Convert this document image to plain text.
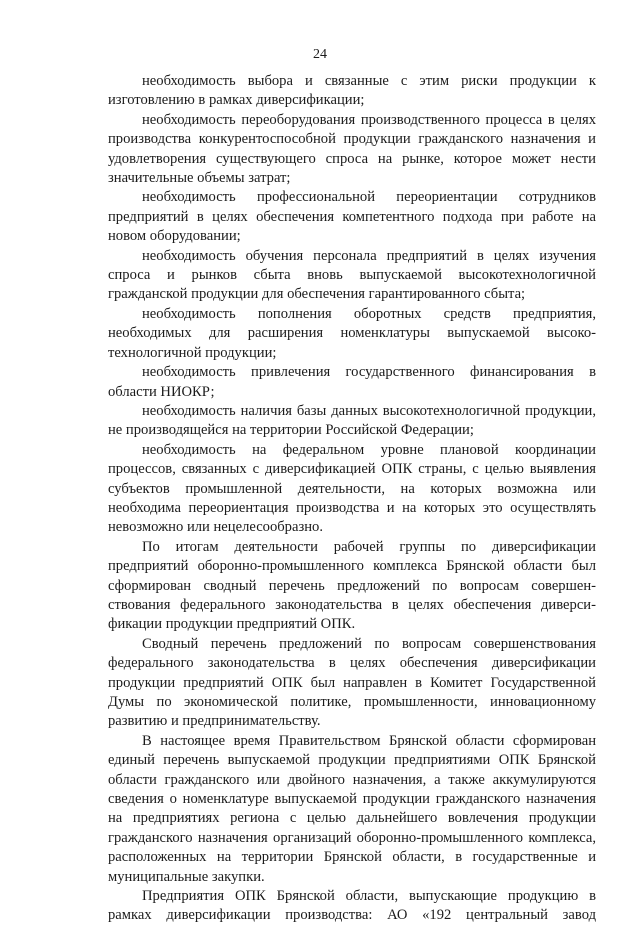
24

необходимость выбора и связанные с этим риски продукции к изготовлению в рамках диверсификации;

необходимость переоборудования производственного процесса в целях производства конкурентоспособной продукции гражданского назначения и удовлетворения существующего спроса на рынке, которое может нести значительные объемы затрат;

необходимость профессиональной переориентации сотрудников предприятий в целях обеспечения компетентного подхода при работе на новом оборудовании;

необходимость обучения персонала предприятий в целях изучения спроса и рынков сбыта вновь выпускаемой высокотехнологичной гражданской продукции для обеспечения гарантированного сбыта;

необходимость пополнения оборотных средств предприятия, необходимых для расширения номенклатуры выпускаемой высокотехнологичной продукции;

необходимость привлечения государственного финансирования в области НИОКР;

необходимость наличия базы данных высокотехнологичной продукции, не производящейся на территории Российской Федерации;

необходимость на федеральном уровне плановой координации процессов, связанных с диверсификацией ОПК страны, с целью выявления субъектов промышленной деятельности, на которых возможна или необходима переориентация производства и на которых это осуществлять невозможно или нецелесообразно.

По итогам деятельности рабочей группы по диверсификации предприятий оборонно-промышленного комплекса Брянской области был сформирован сводный перечень предложений по вопросам совершенствования федерального законодательства в целях обеспечения диверсификации продукции предприятий ОПК.

Сводный перечень предложений по вопросам совершенствования федерального законодательства в целях обеспечения диверсификации продукции предприятий ОПК был направлен в Комитет Государственной Думы по экономической политике, промышленности, инновационному развитию и предпринимательству.

В настоящее время Правительством Брянской области сформирован единый перечень выпускаемой продукции предприятиями ОПК Брянской области гражданского или двойного назначения, а также аккумулируются сведения о номенклатуре выпускаемой продукции гражданского назначения на предприятиях региона с целью дальнейшего вовлечения продукции гражданского назначения организаций оборонно-промышленного комплекса, расположенных на территории Брянской области, в государственные и муниципальные закупки.

Предприятия ОПК Брянской области, выпускающие продукцию в рамках диверсификации производства: АО «192 центральный завод
